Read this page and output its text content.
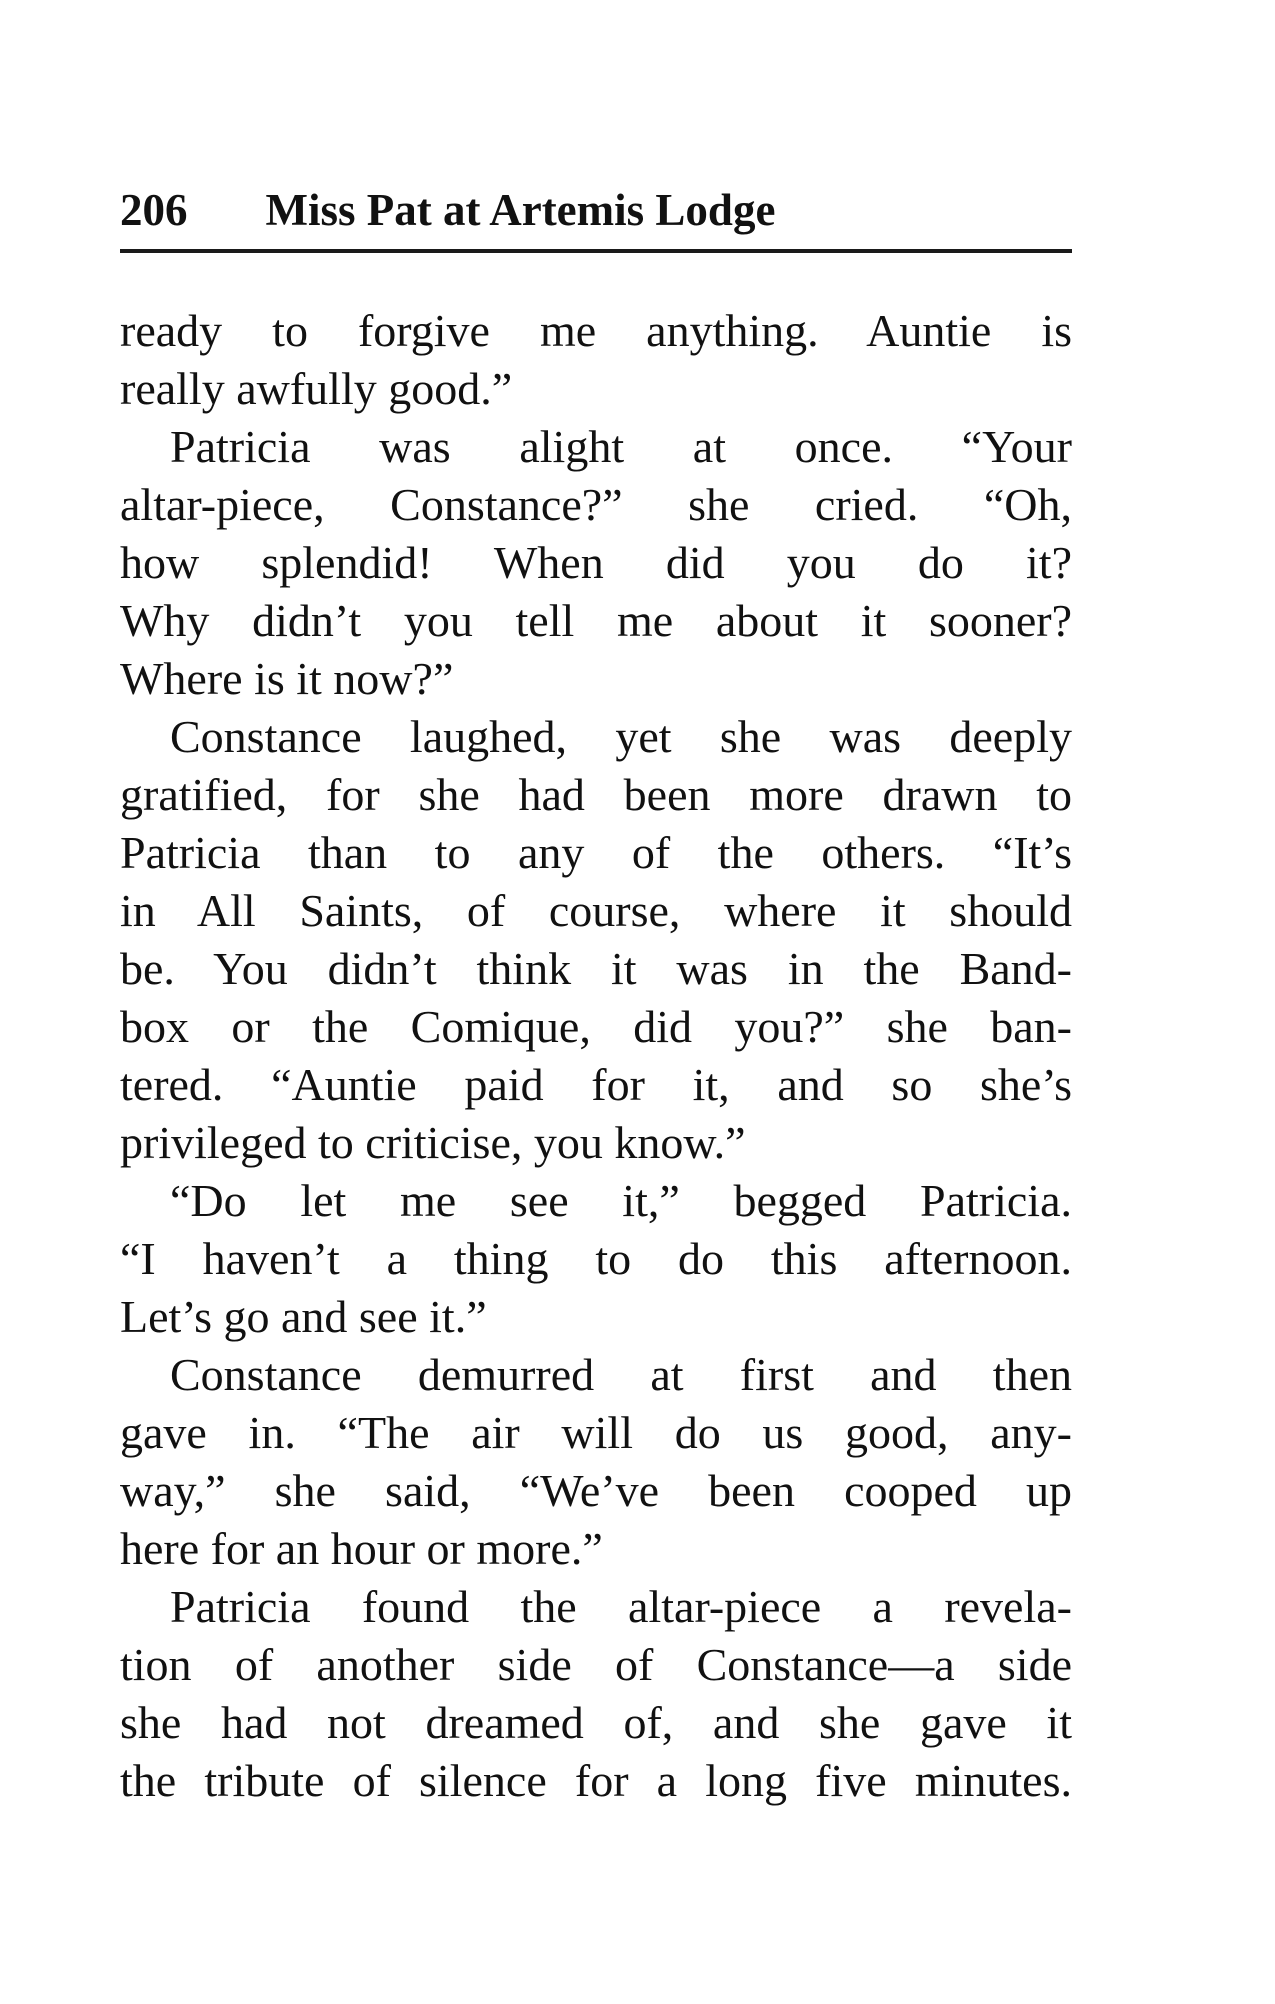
206 Miss Pat at Artemis Lodge
ready to forgive me anything. Auntie is
really awfully good.”
Patricia was alight at once. “Your
altar-piece, Constance?” she cried. “Oh,
how splendid! When did you do it?
Why didn’t you tell me about it sooner?
Where is it now?”
Constance laughed, yet she was deeply
gratified, for she had been more drawn to
Patricia than to any of the others. “It’s
in All Saints, of course, where it should
be. You didn’t think it was in the Band-
box or the Comique, did you?” she ban-
tered. “Auntie paid for it, and so she’s
privileged to criticise, you know.”
“Do let me see it,” begged Patricia.
“I haven’t a thing to do this afternoon.
Let’s go and see it.”
Constance demurred at first and then
gave in. “The air will do us good, any-
way,” she said, “We’ve been cooped up
here for an hour or more.”
Patricia found the altar-piece a revela-
tion of another side of Constance—a side
she had not dreamed of, and she gave it
the tribute of silence for a long five minutes.
